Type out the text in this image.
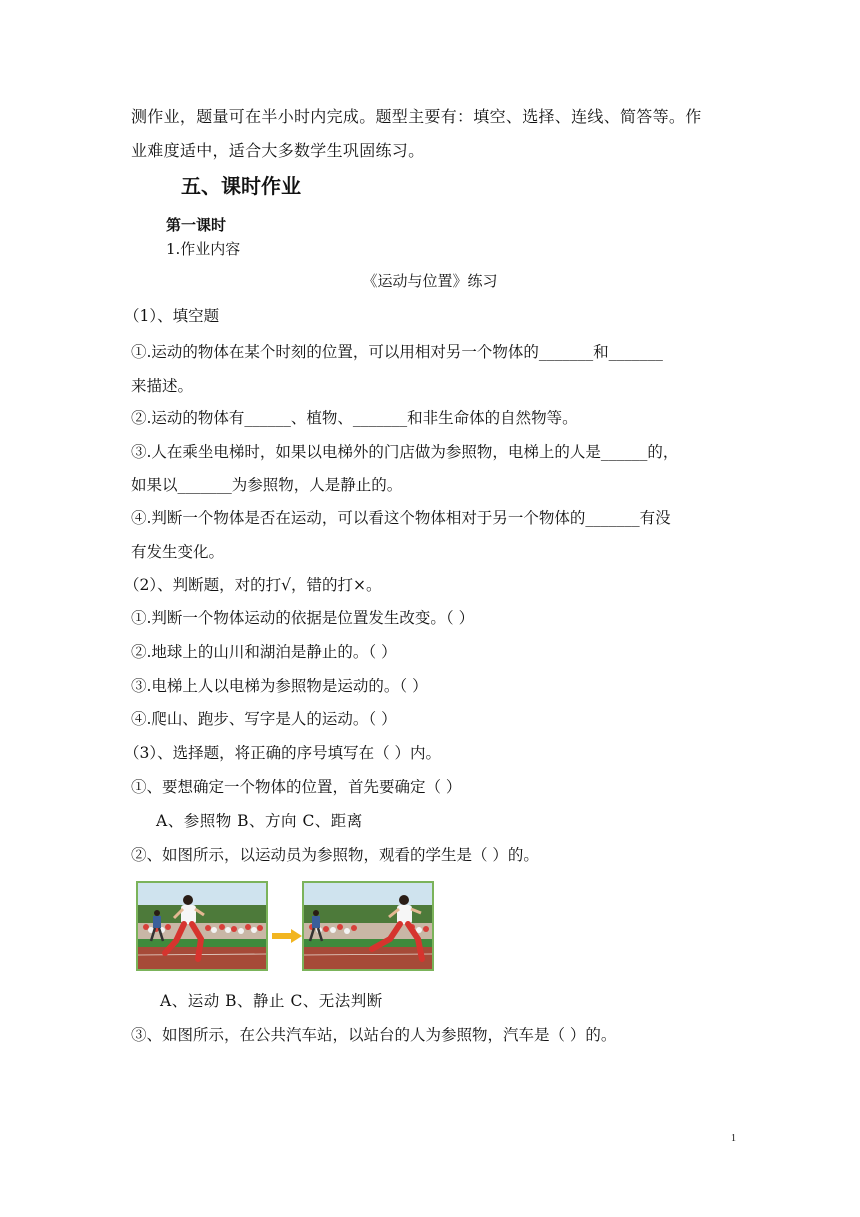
测作业，题量可在半小时内完成。题型主要有：填空、选择、连线、简答等。作
业难度适中，适合大多数学生巩固练习。
五、课时作业
第一课时
1.作业内容
《运动与位置》练习
（1）、填空题
①.运动的物体在某个时刻的位置，可以用相对另一个物体的_______和_______
来描述。
②.运动的物体有______、植物、_______和非生命体的自然物等。
③.人在乘坐电梯时，如果以电梯外的门店做为参照物，电梯上的人是______的，
如果以_______为参照物，人是静止的。
④.判断一个物体是否在运动，可以看这个物体相对于另一个物体的_______有没
有发生变化。
（2）、判断题，对的打√，错的打×。
①.判断一个物体运动的依据是位置发生改变。（ ）
②.地球上的山川和湖泊是静止的。（ ）
③.电梯上人以电梯为参照物是运动的。（ ）
④.爬山、跑步、写字是人的运动。（ ）
（3）、选择题，将正确的序号填写在（ ）内。
①、要想确定一个物体的位置，首先要确定（ ）
A、参照物 B、方向 C、距离
②、如图所示，以运动员为参照物，观看的学生是（ ）的。
A、运动 B、静止 C、无法判断
③、如图所示，在公共汽车站，以站台的人为参照物，汽车是（ ）的。
1
